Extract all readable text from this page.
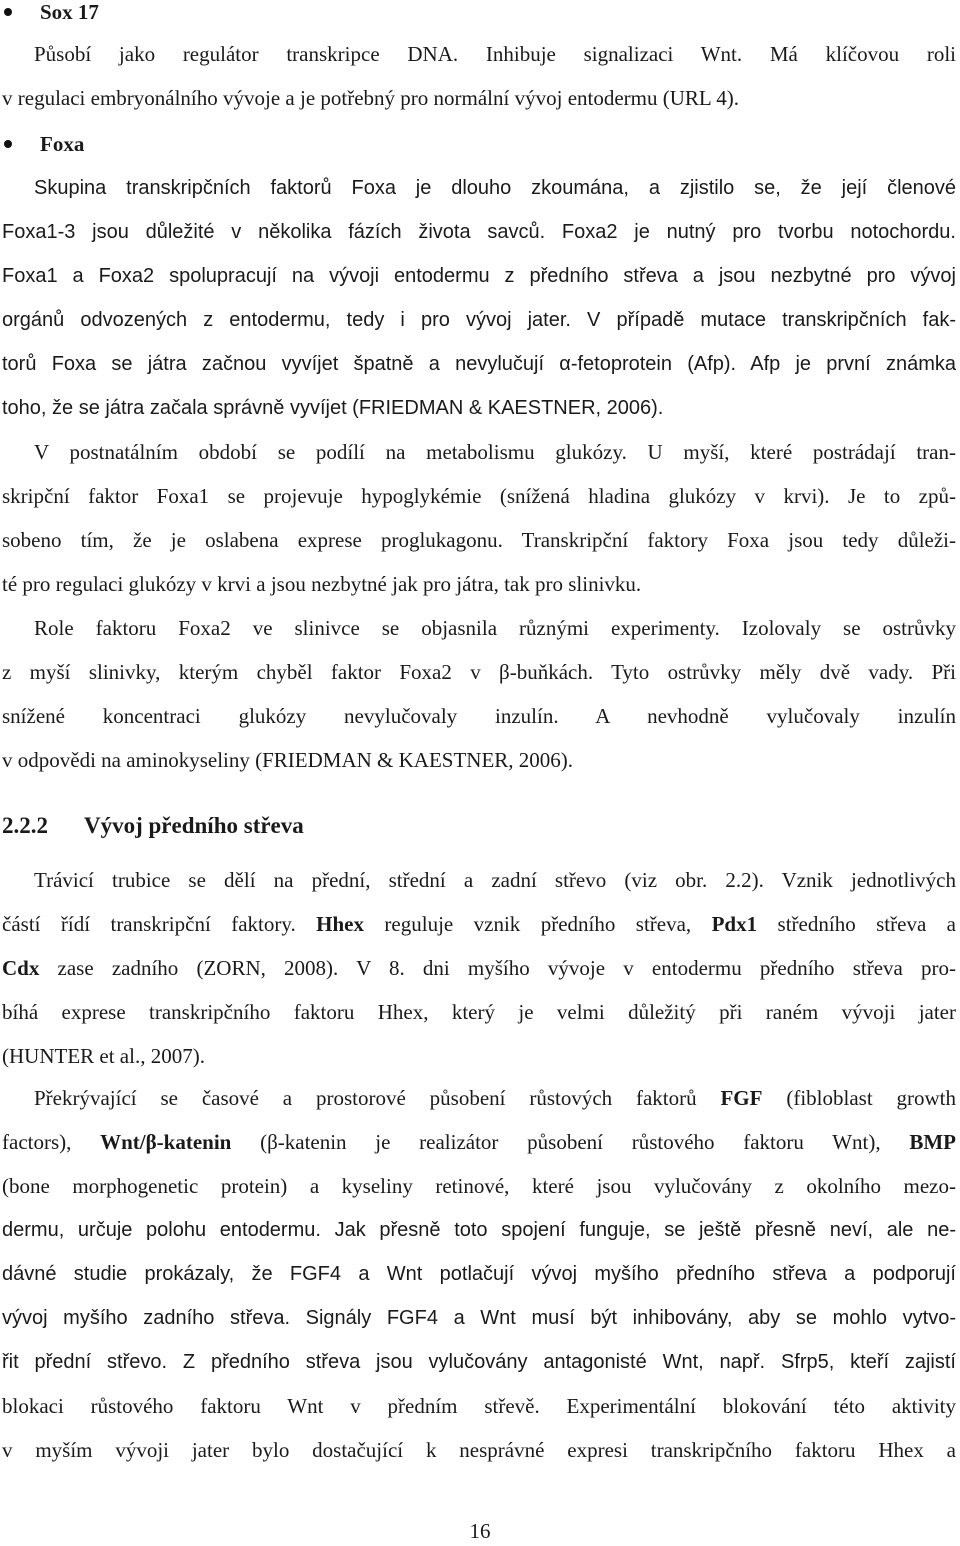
Sox 17
Působí jako regulátor transkripce DNA. Inhibuje signalizaci Wnt. Má klíčovou roli
v regulaci embryonálního vývoje a je potřebný pro normální vývoj entodermu (URL 4).
Foxa
Skupina transkripčních faktorů Foxa je dlouho zkoumána, a zjistilo se, že její členové
Foxa1-3 jsou důležité v několika fázích života savců. Foxa2 je nutný pro tvorbu notochordu.
Foxa1 a Foxa2 spolupracují na vývoji entodermu z předního střeva a jsou nezbytné pro vývoj
orgánů odvozených z entodermu, tedy i pro vývoj jater. V případě mutace transkripčních fak-
torů Foxa se játra začnou vyvíjet špatně a nevylučují α-fetoprotein (Afp). Afp je první známka
toho, že se játra začala správně vyvíjet (FRIEDMAN & KAESTNER, 2006).
V postnatálním období se podílí na metabolismu glukózy. U myší, které postrádají tran-
skripční faktor Foxa1 se projevuje hypoglykémie (snížená hladina glukózy v krvi). Je to způ-
sobeno tím, že je oslabena exprese proglukagonu. Transkripční faktory Foxa jsou tedy důleži-
té pro regulaci glukózy v krvi a jsou nezbytné jak pro játra, tak pro slinivku.
Role faktoru Foxa2 ve slinivce se objasnila různými experimenty. Izolovaly se ostrůvky
z myší slinivky, kterým chyběl faktor Foxa2 v β-buňkách. Tyto ostrůvky měly dvě vady. Při
snížené koncentraci glukózy nevylučovaly inzulín. A nevhodně vylučovaly inzulín
v odpovědi na aminokyseliny (FRIEDMAN & KAESTNER, 2006).
2.2.2 Vývoj předního střeva
Trávicí trubice se dělí na přední, střední a zadní střevo (viz obr. 2.2). Vznik jednotlivých
částí řídí transkripční faktory. Hhex reguluje vznik předního střeva, Pdx1 středního střeva a
Cdx zase zadního (ZORN, 2008). V 8. dni myšího vývoje v entodermu předního střeva pro-
bíhá exprese transkripčního faktoru Hhex, který je velmi důležitý při raném vývoji jater
(HUNTER et al., 2007).
Překrývající se časové a prostorové působení růstových faktorů FGF (fibloblast growth
factors), Wnt/β-katenin (β-katenin je realizátor působení růstového faktoru Wnt), BMP
(bone morphogenetic protein) a kyseliny retinové, které jsou vylučovány z okolního mezo-
dermu, určuje polohu entodermu. Jak přesně toto spojení funguje, se ještě přesně neví, ale ne-
dávné studie prokázaly, že FGF4 a Wnt potlačují vývoj myšího předního střeva a podporují
vývoj myšího zadního střeva. Signály FGF4 a Wnt musí být inhibovány, aby se mohlo vytvo-
řit přední střevo. Z předního střeva jsou vylučovány antagonisté Wnt, např. Sfrp5, kteří zajistí
blokaci růstového faktoru Wnt v předním střevě. Experimentální blokování této aktivity
v myším vývoji jater bylo dostačující k nesprávné expresi transkripčního faktoru Hhex a
16
